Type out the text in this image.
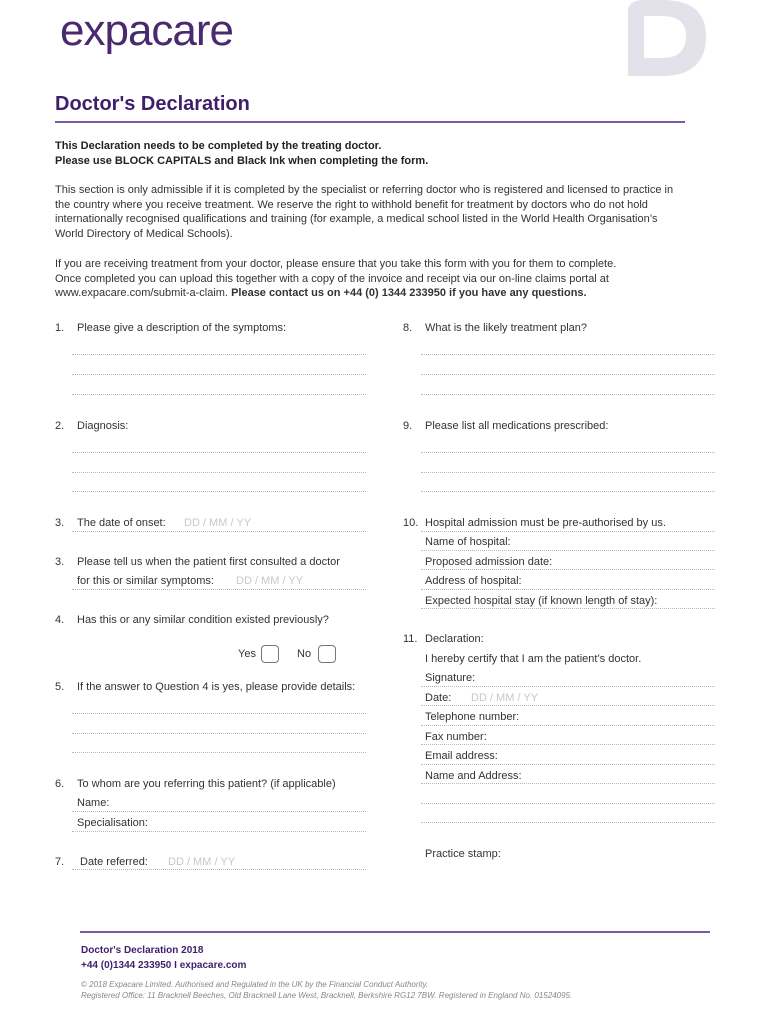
expacare
Doctor's Declaration
This Declaration needs to be completed by the treating doctor.
Please use BLOCK CAPITALS and Black Ink when completing the form.
This section is only admissible if it is completed by the specialist or referring doctor who is registered and licensed to practice in
the country where you receive treatment. We reserve the right to withhold benefit for treatment by doctors who do not hold
internationally recognised qualifications and training (for example, a medical school listed in the World Health Organisation’s
World Directory of Medical Schools).
If you are receiving treatment from your doctor, please ensure that you take this form with you for them to complete.
Once completed you can upload this together with a copy of the invoice and receipt via our on-line claims portal at
www.expacare.com/submit-a-claim. Please contact us on +44 (0) 1344 233950 if you have any questions.
1. Please give a description of the symptoms:
2. Diagnosis:
3. The date of onset: DD / MM / YY
3. Please tell us when the patient first consulted a doctor
for this or similar symptoms: DD / MM / YY
4. Has this or any similar condition existed previously?
Yes	No
5. If the answer to Question 4 is yes, please provide details:
6. To whom are you referring this patient? (if applicable)
Name:
Specialisation:
7. Date referred: DD / MM / YY
8. What is the likely treatment plan?
9. Please list all medications prescribed:
10. Hospital admission must be pre-authorised by us.
Name of hospital:
Proposed admission date:
Address of hospital:
Expected hospital stay (if known length of stay):
11. Declaration:
I hereby certify that I am the patient’s doctor.
Signature:
Date: DD / MM / YY
Telephone number:
Fax number:
Email address:
Name and Address:
Practice stamp:
Doctor's Declaration 2018
+44 (0)1344 233950 I expacare.com
© 2018 Expacare Limited. Authorised and Regulated in the UK by the Financial Conduct Authority.
Registered Office: 11 Bracknell Beeches, Old Bracknell Lane West, Bracknell, Berkshire RG12 7BW. Registered in England No. 01524095.
